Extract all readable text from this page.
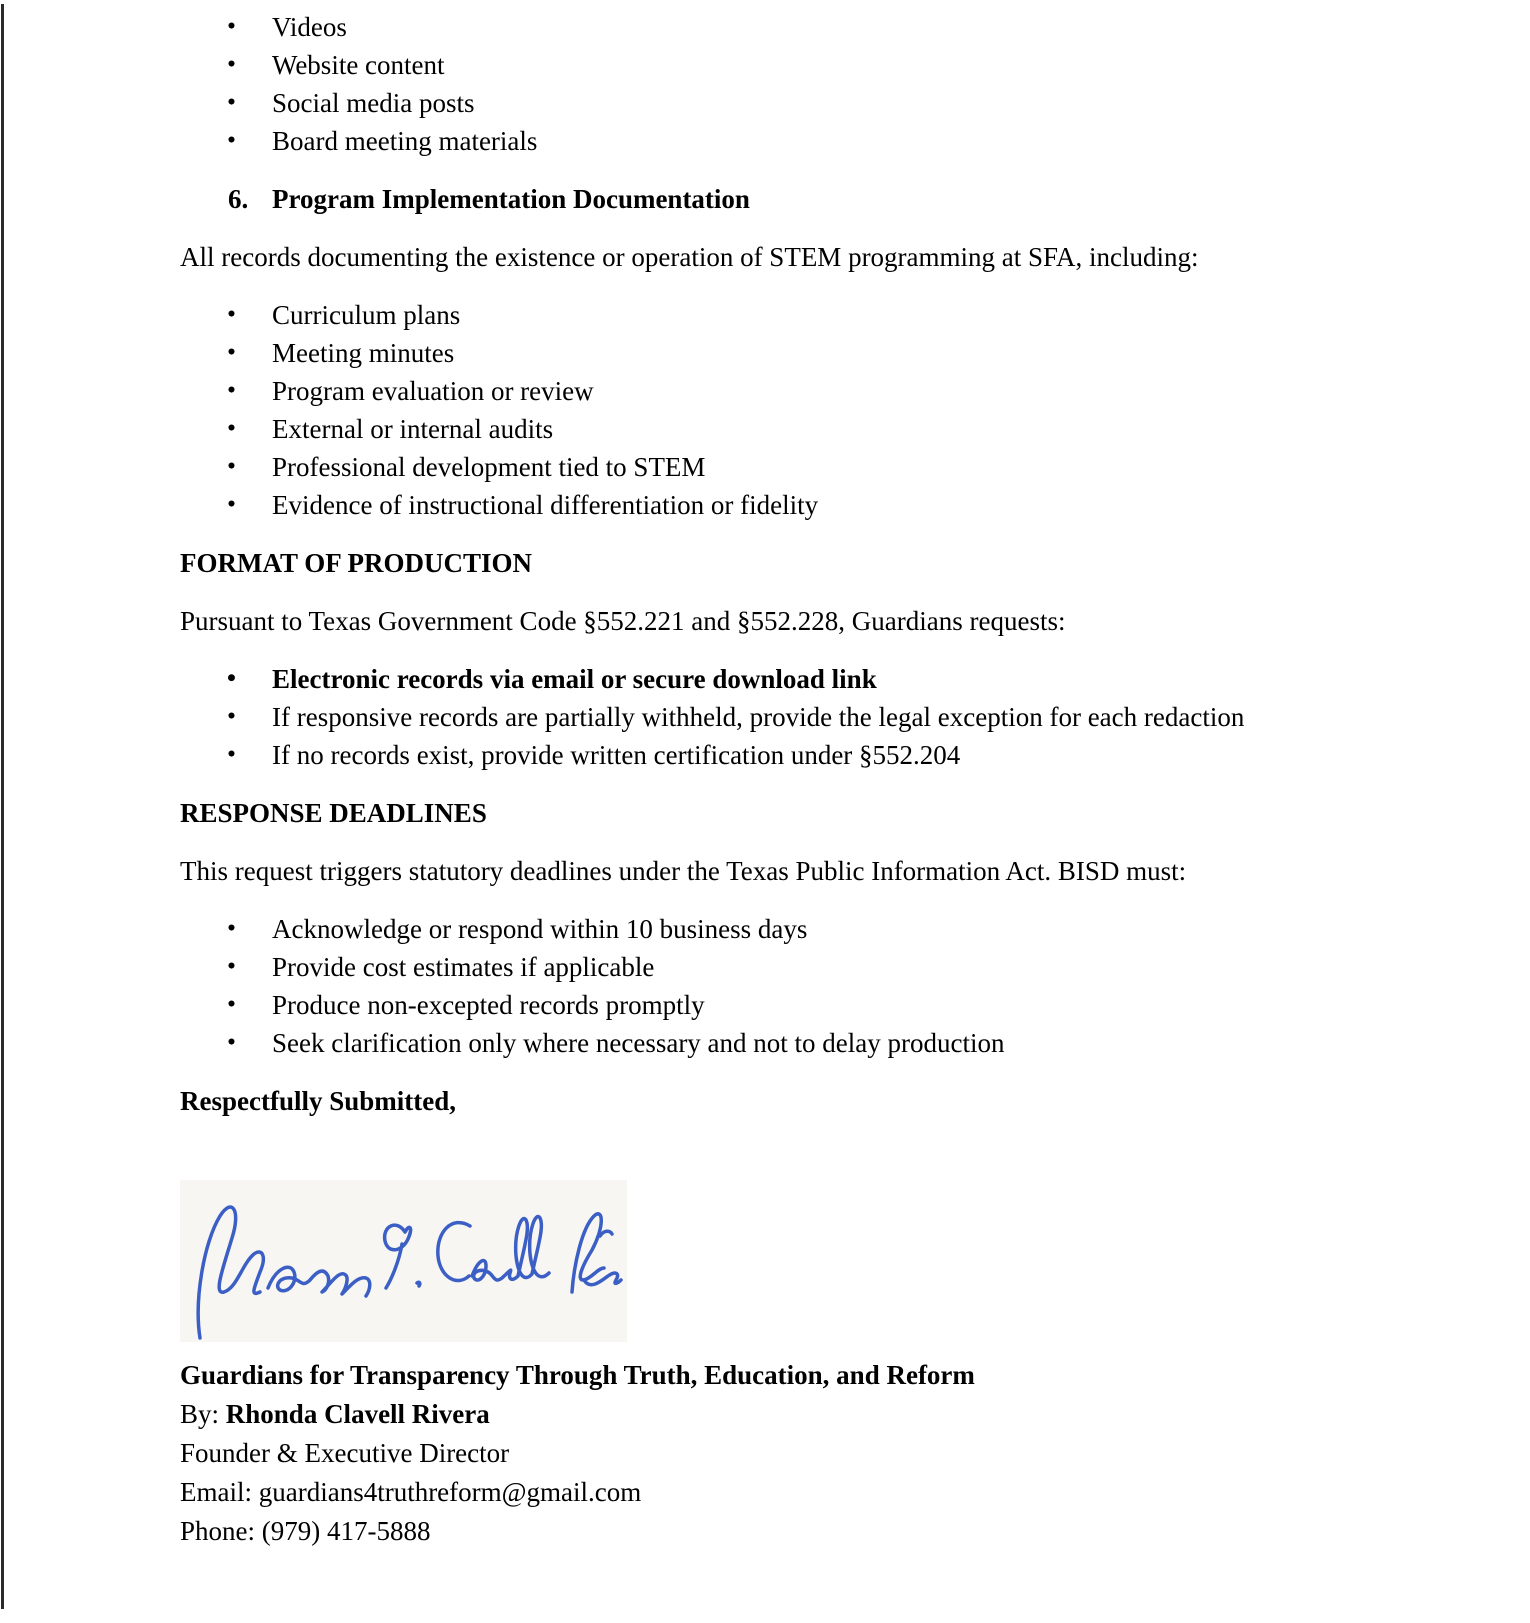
• Videos
• Website content
• Social media posts
• Board meeting materials
6. Program Implementation Documentation

All records documenting the existence or operation of STEM programming at SFA, including:

• Curriculum plans
• Meeting minutes
• Program evaluation or review
• External or internal audits
• Professional development tied to STEM
• Evidence of instructional differentiation or fidelity
FORMAT OF PRODUCTION

Pursuant to Texas Government Code §552.221 and §552.228, Guardians requests:

• Electronic records via email or secure download link
• If responsive records are partially withheld, provide the legal exception for each redaction
• If no records exist, provide written certification under §552.204
RESPONSE DEADLINES

This request triggers statutory deadlines under the Texas Public Information Act. BISD must:

• Acknowledge or respond within 10 business days
• Provide cost estimates if applicable
• Produce non-excepted records promptly
• Seek clarification only where necessary and not to delay production
Respectfully Submitted,

Guardians for Transparency Through Truth, Education, and Reform

By: Rhonda Clavell Rivera

Founder & Executive Director

Email: guardians4truthreform@gmail.com

Phone: (979) 417-5888
